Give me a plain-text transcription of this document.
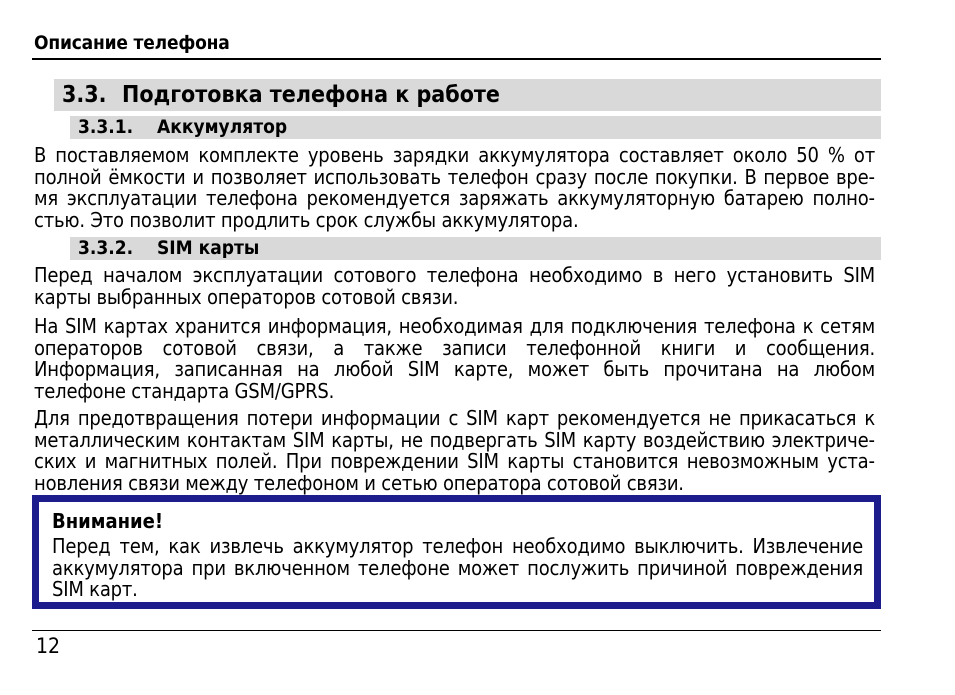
Описание телефона
3.3. Подготовка телефона к работе
3.3.1. Аккумулятор
В поставляемом комплекте уровень зарядки аккумулятора составляет около 50 % от полной ёмкости и позволяет использовать телефон сразу после покупки. В первое время эксплуатации телефона рекомендуется заряжать аккумуляторную батарею полностью. Это позволит продлить срок службы аккумулятора.
3.3.2. SIM карты
Перед началом эксплуатации сотового телефона необходимо в него установить SIM карты выбранных операторов сотовой связи.
На SIM картах хранится информация, необходимая для подключения телефона к сетям операторов сотовой связи, а также записи телефонной книги и сообщения. Информация, записанная на любой SIM карте, может быть прочитана на любом телефоне стандарта GSM/GPRS.
Для предотвращения потери информации с SIM карт рекомендуется не прикасаться к металлическим контактам SIM карты, не подвергать SIM карту воздействию электрических и магнитных полей. При повреждении SIM карты становится невозможным установления связи между телефоном и сетью оператора сотовой связи.
Внимание!
Перед тем, как извлечь аккумулятор телефон необходимо выключить. Извлечение аккумулятора при включенном телефоне может послужить причиной повреждения SIM карт.
12
